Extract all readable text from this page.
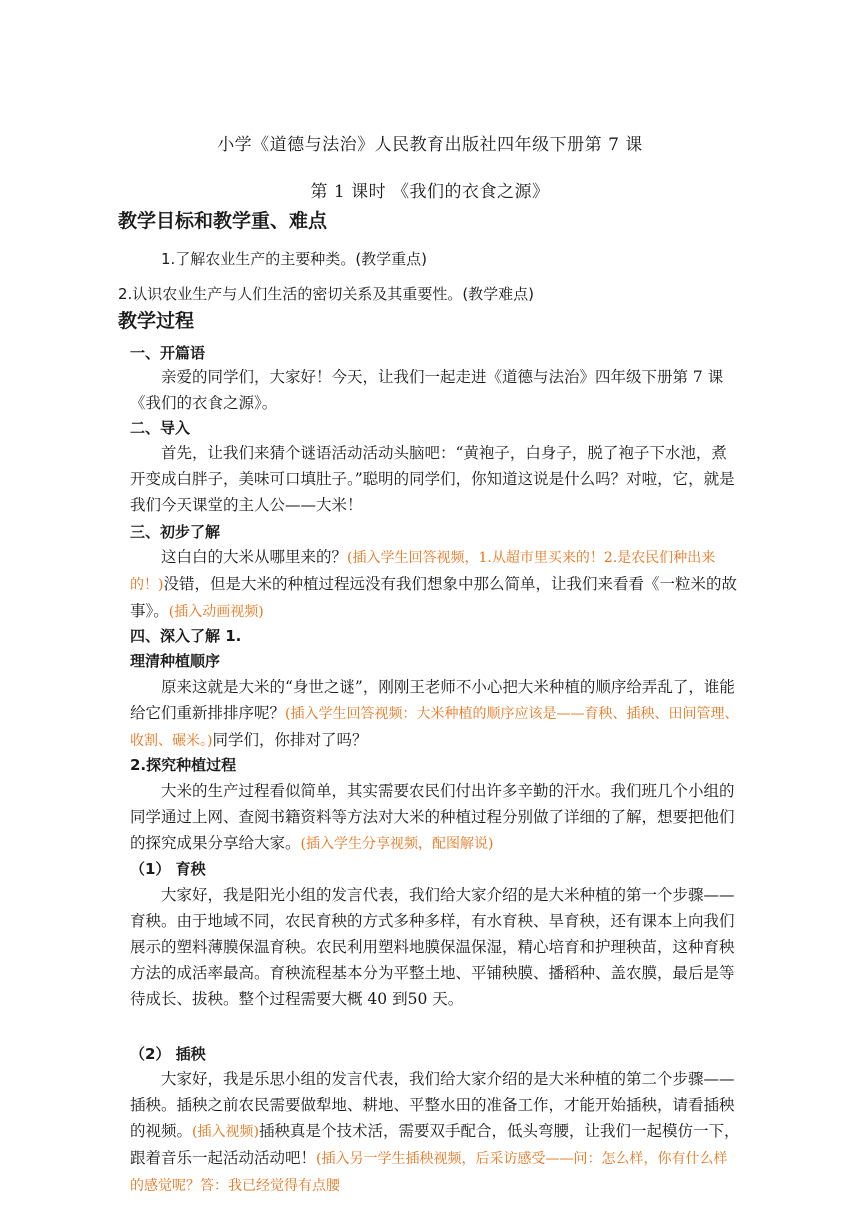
小学《道德与法治》人民教育出版社四年级下册第 7 课
第 1 课时 《我们的衣食之源》
教学目标和教学重、难点
1.了解农业生产的主要种类。(教学重点)
2.认识农业生产与人们生活的密切关系及其重要性。(教学难点)
教学过程
一、开篇语
亲爱的同学们，大家好！今天，让我们一起走进《道德与法治》四年级下册第 7 课《我们的衣食之源》。
二、导入
首先，让我们来猜个谜语活动活动头脑吧：“黄袍子，白身子，脱了袍子下水池，煮开变成白胖子，美味可口填肚子。”聪明的同学们，你知道这说是什么吗？对啦，它，就是我们今天课堂的主人公——大米！
三、初步了解
这白白的大米从哪里来的？(插入学生回答视频，1.从超市里买来的！2.是农民们种出来的！)没错，但是大米的种植过程远没有我们想象中那么简单，让我们来看看《一粒米的故事》。(插入动画视频)
四、深入了解 1.
理清种植顺序
原来这就是大米的“身世之谜”，刚刚王老师不小心把大米种植的顺序给弄乱了，谁能给它们重新排排序呢？(插入学生回答视频：大米种植的顺序应该是——育秧、插秧、田间管理、收割、碾米。)同学们，你排对了吗？
2.探究种植过程
大米的生产过程看似简单，其实需要农民们付出许多辛勤的汗水。我们班几个小组的同学通过上网、查阅书籍资料等方法对大米的种植过程分别做了详细的了解，想要把他们的探究成果分享给大家。(插入学生分享视频，配图解说)
（1） 育秧
大家好，我是阳光小组的发言代表，我们给大家介绍的是大米种植的第一个步骤——育秧。由于地域不同，农民育秧的方式多种多样，有水育秧、旱育秧，还有课本上向我们展示的塑料薄膜保温育秧。农民利用塑料地膜保温保湿，精心培育和护理秧苗，这种育秧方法的成活率最高。育秧流程基本分为平整土地、平铺秧膜、播稻种、盖农膜，最后是等待成长、拔秧。整个过程需要大概 40 到50 天。
（2） 插秧
大家好，我是乐思小组的发言代表，我们给大家介绍的是大米种植的第二个步骤——插秧。插秧之前农民需要做犁地、耕地、平整水田的准备工作，才能开始插秧，请看插秧的视频。(插入视频)插秧真是个技术活，需要双手配合，低头弯腰，让我们一起模仿一下，跟着音乐一起活动活动吧！(插入另一学生插秧视频，后采访感受——问：怎么样，你有什么样的感觉呢？答：我已经觉得有点腰
